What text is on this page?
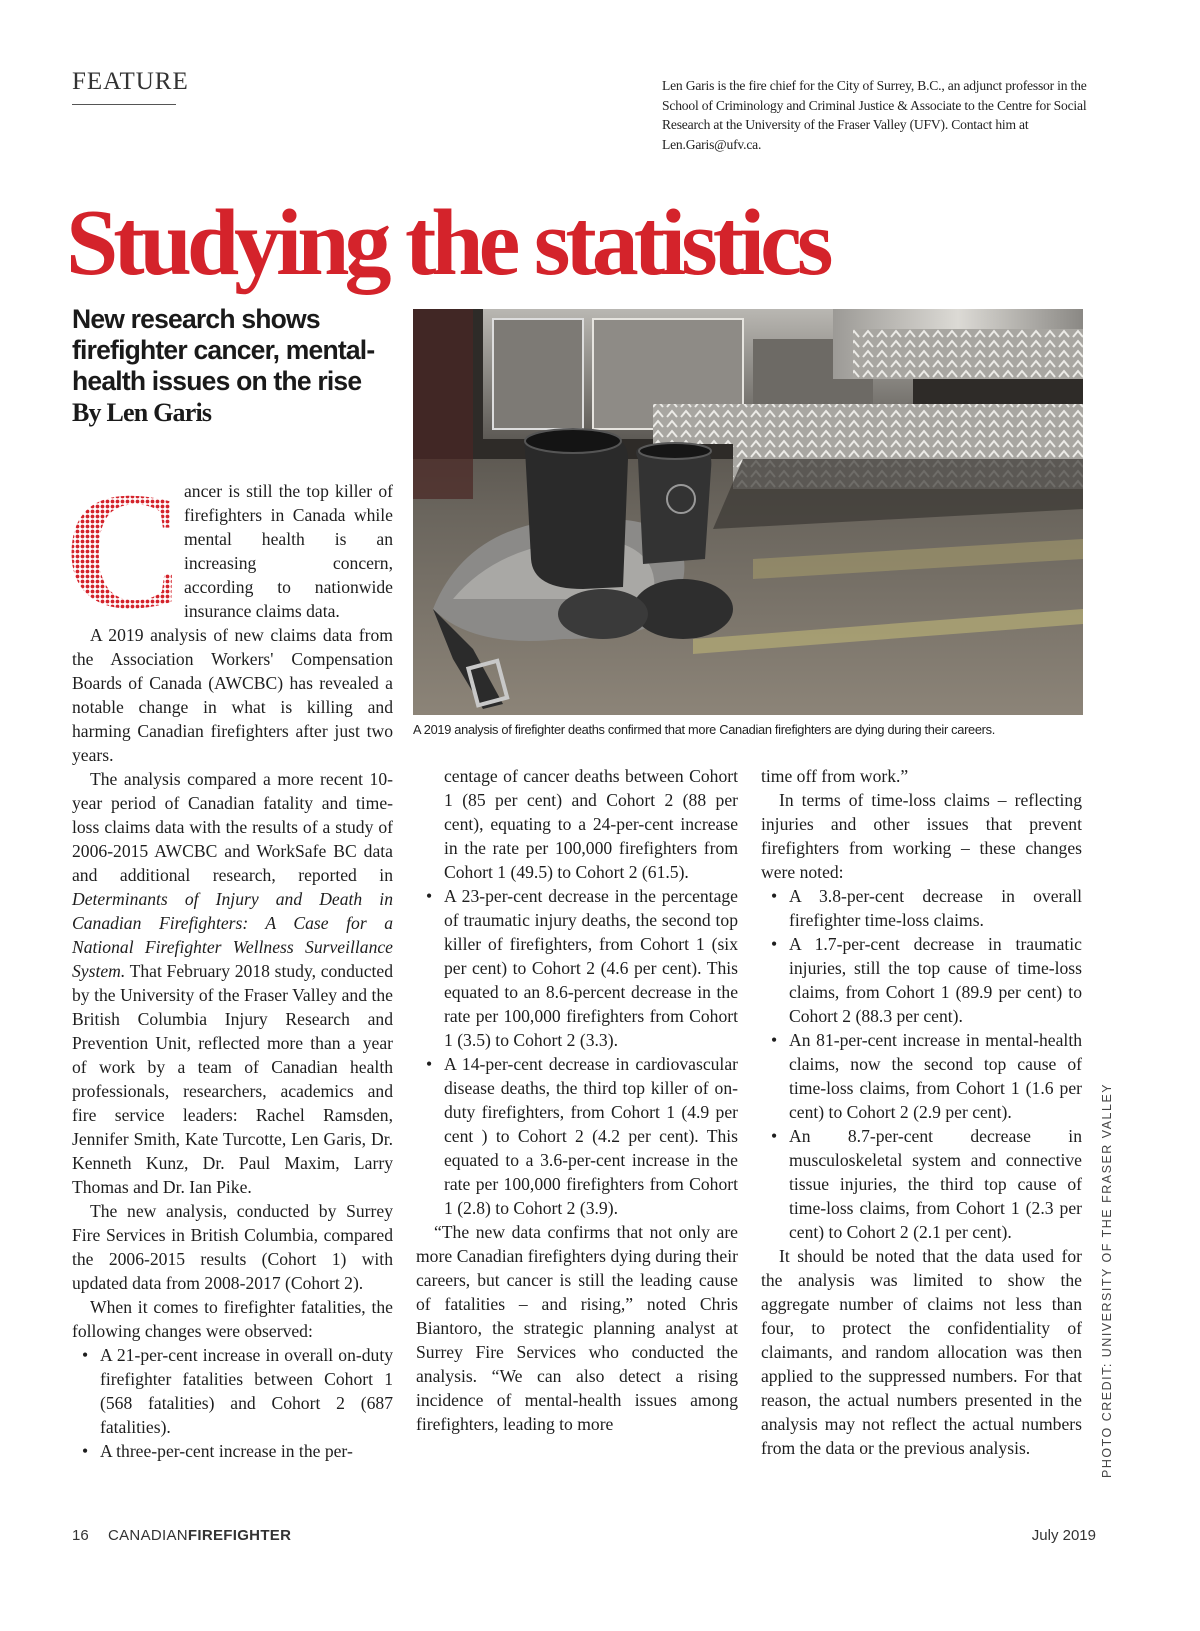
FEATURE	Len Garis is the fire chief for the City of Surrey, B.C., an adjunct professor in the School of Criminology and Criminal Justice & Associate to the Centre for Social Research at the University of the Fraser Valley (UFV). Contact him at Len.Garis@ufv.ca.
Studying the statistics
New research shows firefighter cancer, mental-health issues on the rise
By Len Garis
A 2019 analysis of firefighter deaths confirmed that more Canadian firefighters are dying during their careers.

ancer is still the top killer of firefighters in Canada while mental health is an increasing concern, according to nationwide insurance claims data.

A 2019 analysis of new claims data from the Association Workers' Compensation Boards of Canada (AWCBC) has revealed a notable change in what is killing and harming Canadian firefighters after just two years.

The analysis compared a more recent 10-year period of Canadian fatality and time-loss claims data with the results of a study of 2006-2015 AWCBC and WorkSafe BC data and additional research, reported in Determinants of Injury and Death in Canadian Firefighters: A Case for a National Firefighter Wellness Surveillance System. That February 2018 study, conducted by the University of the Fraser Valley and the British Columbia Injury Research and Prevention Unit, reflected more than a year of work by a team of Canadian health professionals, researchers, academics and fire service leaders: Rachel Ramsden, Jennifer Smith, Kate Turcotte, Len Garis, Dr. Kenneth Kunz, Dr. Paul Maxim, Larry Thomas and Dr. Ian Pike.

The new analysis, conducted by Surrey Fire Services in British Columbia, compared the 2006-2015 results (Cohort 1) with updated data from 2008-2017 (Cohort 2).

When it comes to firefighter fatalities, the following changes were observed:

• A 21-per-cent increase in overall on-duty firefighter fatalities between Cohort 1 (568 fatalities) and Cohort 2 (687 fatalities).
• A three-per-cent increase in the per-

centage of cancer deaths between Cohort 1 (85 per cent) and Cohort 2 (88 per cent), equating to a 24-per-cent increase in the rate per 100,000 firefighters from Cohort 1 (49.5) to Cohort 2 (61.5).

• A 23-per-cent decrease in the percentage of traumatic injury deaths, the second top killer of firefighters, from Cohort 1 (six per cent) to Cohort 2 (4.6 per cent). This equated to an 8.6-percent decrease in the rate per 100,000 firefighters from Cohort 1 (3.5) to Cohort 2 (3.3).
• A 14-per-cent decrease in cardiovascular disease deaths, the third top killer of on-duty firefighters, from Cohort 1 (4.9 per cent ) to Cohort 2 (4.2 per cent). This equated to a 3.6-per-cent increase in the rate per 100,000 firefighters from Cohort 1 (2.8) to Cohort 2 (3.9).

“The new data confirms that not only are more Canadian firefighters dying during their careers, but cancer is still the leading cause of fatalities – and rising,” noted Chris Biantoro, the strategic planning analyst at Surrey Fire Services who conducted the analysis. “We can also detect a rising incidence of mental-health issues among firefighters, leading to more

time off from work.”

In terms of time-loss claims – reflecting injuries and other issues that prevent firefighters from working – these changes were noted:

• A 3.8-per-cent decrease in overall firefighter time-loss claims.
• A 1.7-per-cent decrease in traumatic injuries, still the top cause of time-loss claims, from Cohort 1 (89.9 per cent) to Cohort 2 (88.3 per cent).
• An 81-per-cent increase in mental-health claims, now the second top cause of time-loss claims, from Cohort 1 (1.6 per cent) to Cohort 2 (2.9 per cent).
• An 8.7-per-cent decrease in musculoskeletal system and connective tissue injuries, the third top cause of time-loss claims, from Cohort 1 (2.3 per cent) to Cohort 2 (2.1 per cent).

It should be noted that the data used for the analysis was limited to show the aggregate number of claims not less than four, to protect the confidentiality of claimants, and random allocation was then applied to the suppressed numbers. For that reason, the actual numbers presented in the analysis may not reflect the actual numbers from the data or the previous analysis.	PHOTO CREDIT: UNIVERSITY OF THE FRASER VALLEY
16 CANADIANFIREFIGHTER	July 2019
